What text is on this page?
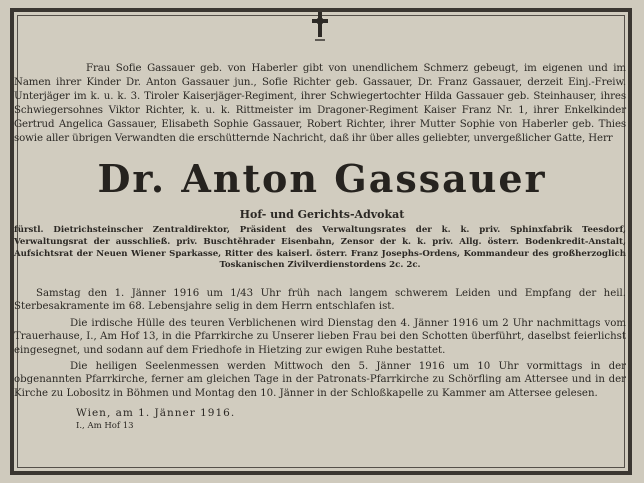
Frau Sofie Gassauer geb. von Haberler gibt von unendlichem Schmerz gebeugt, im eigenen und im Namen ihrer Kinder Dr. Anton Gassauer jun., Sofie Richter geb. Gassauer, Dr. Franz Gassauer, derzeit Einj.-Freiw. Unterjäger im k. u. k. 3. Tiroler Kaiserjäger-Regiment, ihrer Schwiegertochter Hilda Gassauer geb. Steinhauser, ihres Schwiegersohnes Viktor Richter, k. u. k. Rittmeister im Dragoner-Regiment Kaiser Franz Nr. 1, ihrer Enkelkinder Gertrud Angelica Gassauer, Elisabeth Sophie Gassauer, Robert Richter, ihrer Mutter Sophie von Haberler geb. Thies sowie aller übrigen Verwandten die erschütternde Nachricht, daß ihr über alles geliebter, unvergeßlicher Gatte, Herr

Dr. Anton Gassauer
Hof- und Gerichts-Advokat
fürstl. Dietrichsteinscher Zentraldirektor, Präsident des Verwaltungsrates der k. k. priv. Sphinxfabrik Teesdorf, Verwaltungsrat der ausschließ. priv. Buschtěhrader Eisenbahn, Zensor der k. k. priv. Allg. österr. Bodenkredit-Anstalt, Aufsichtsrat der Neuen Wiener Sparkasse, Ritter des kaiserl. österr. Franz Josephs-Ordens, Kommandeur des großherzoglich Toskanischen Zivilverdienstordens 2c. 2c.

Samstag den 1. Jänner 1916 um 1/43 Uhr früh nach langem schwerem Leiden und Empfang der heil. Sterbesakramente im 68. Lebensjahre selig in dem Herrn entschlafen ist.

Die irdische Hülle des teuren Verblichenen wird Dienstag den 4. Jänner 1916 um 2 Uhr nachmittags vom Trauerhause, I., Am Hof 13, in die Pfarrkirche zu Unserer lieben Frau bei den Schotten überführt, daselbst feierlichst eingesegnet, und sodann auf dem Friedhofe in Hietzing zur ewigen Ruhe bestattet.

Die heiligen Seelenmessen werden Mittwoch den 5. Jänner 1916 um 10 Uhr vormittags in der obgenannten Pfarrkirche, ferner am gleichen Tage in der Patronats-Pfarrkirche zu Schörfling am Attersee und in der Kirche zu Lobositz in Böhmen und Montag den 10. Jänner in der Schloßkapelle zu Kammer am Attersee gelesen.

Wien, am 1. Jänner 1916.
I., Am Hof 13
